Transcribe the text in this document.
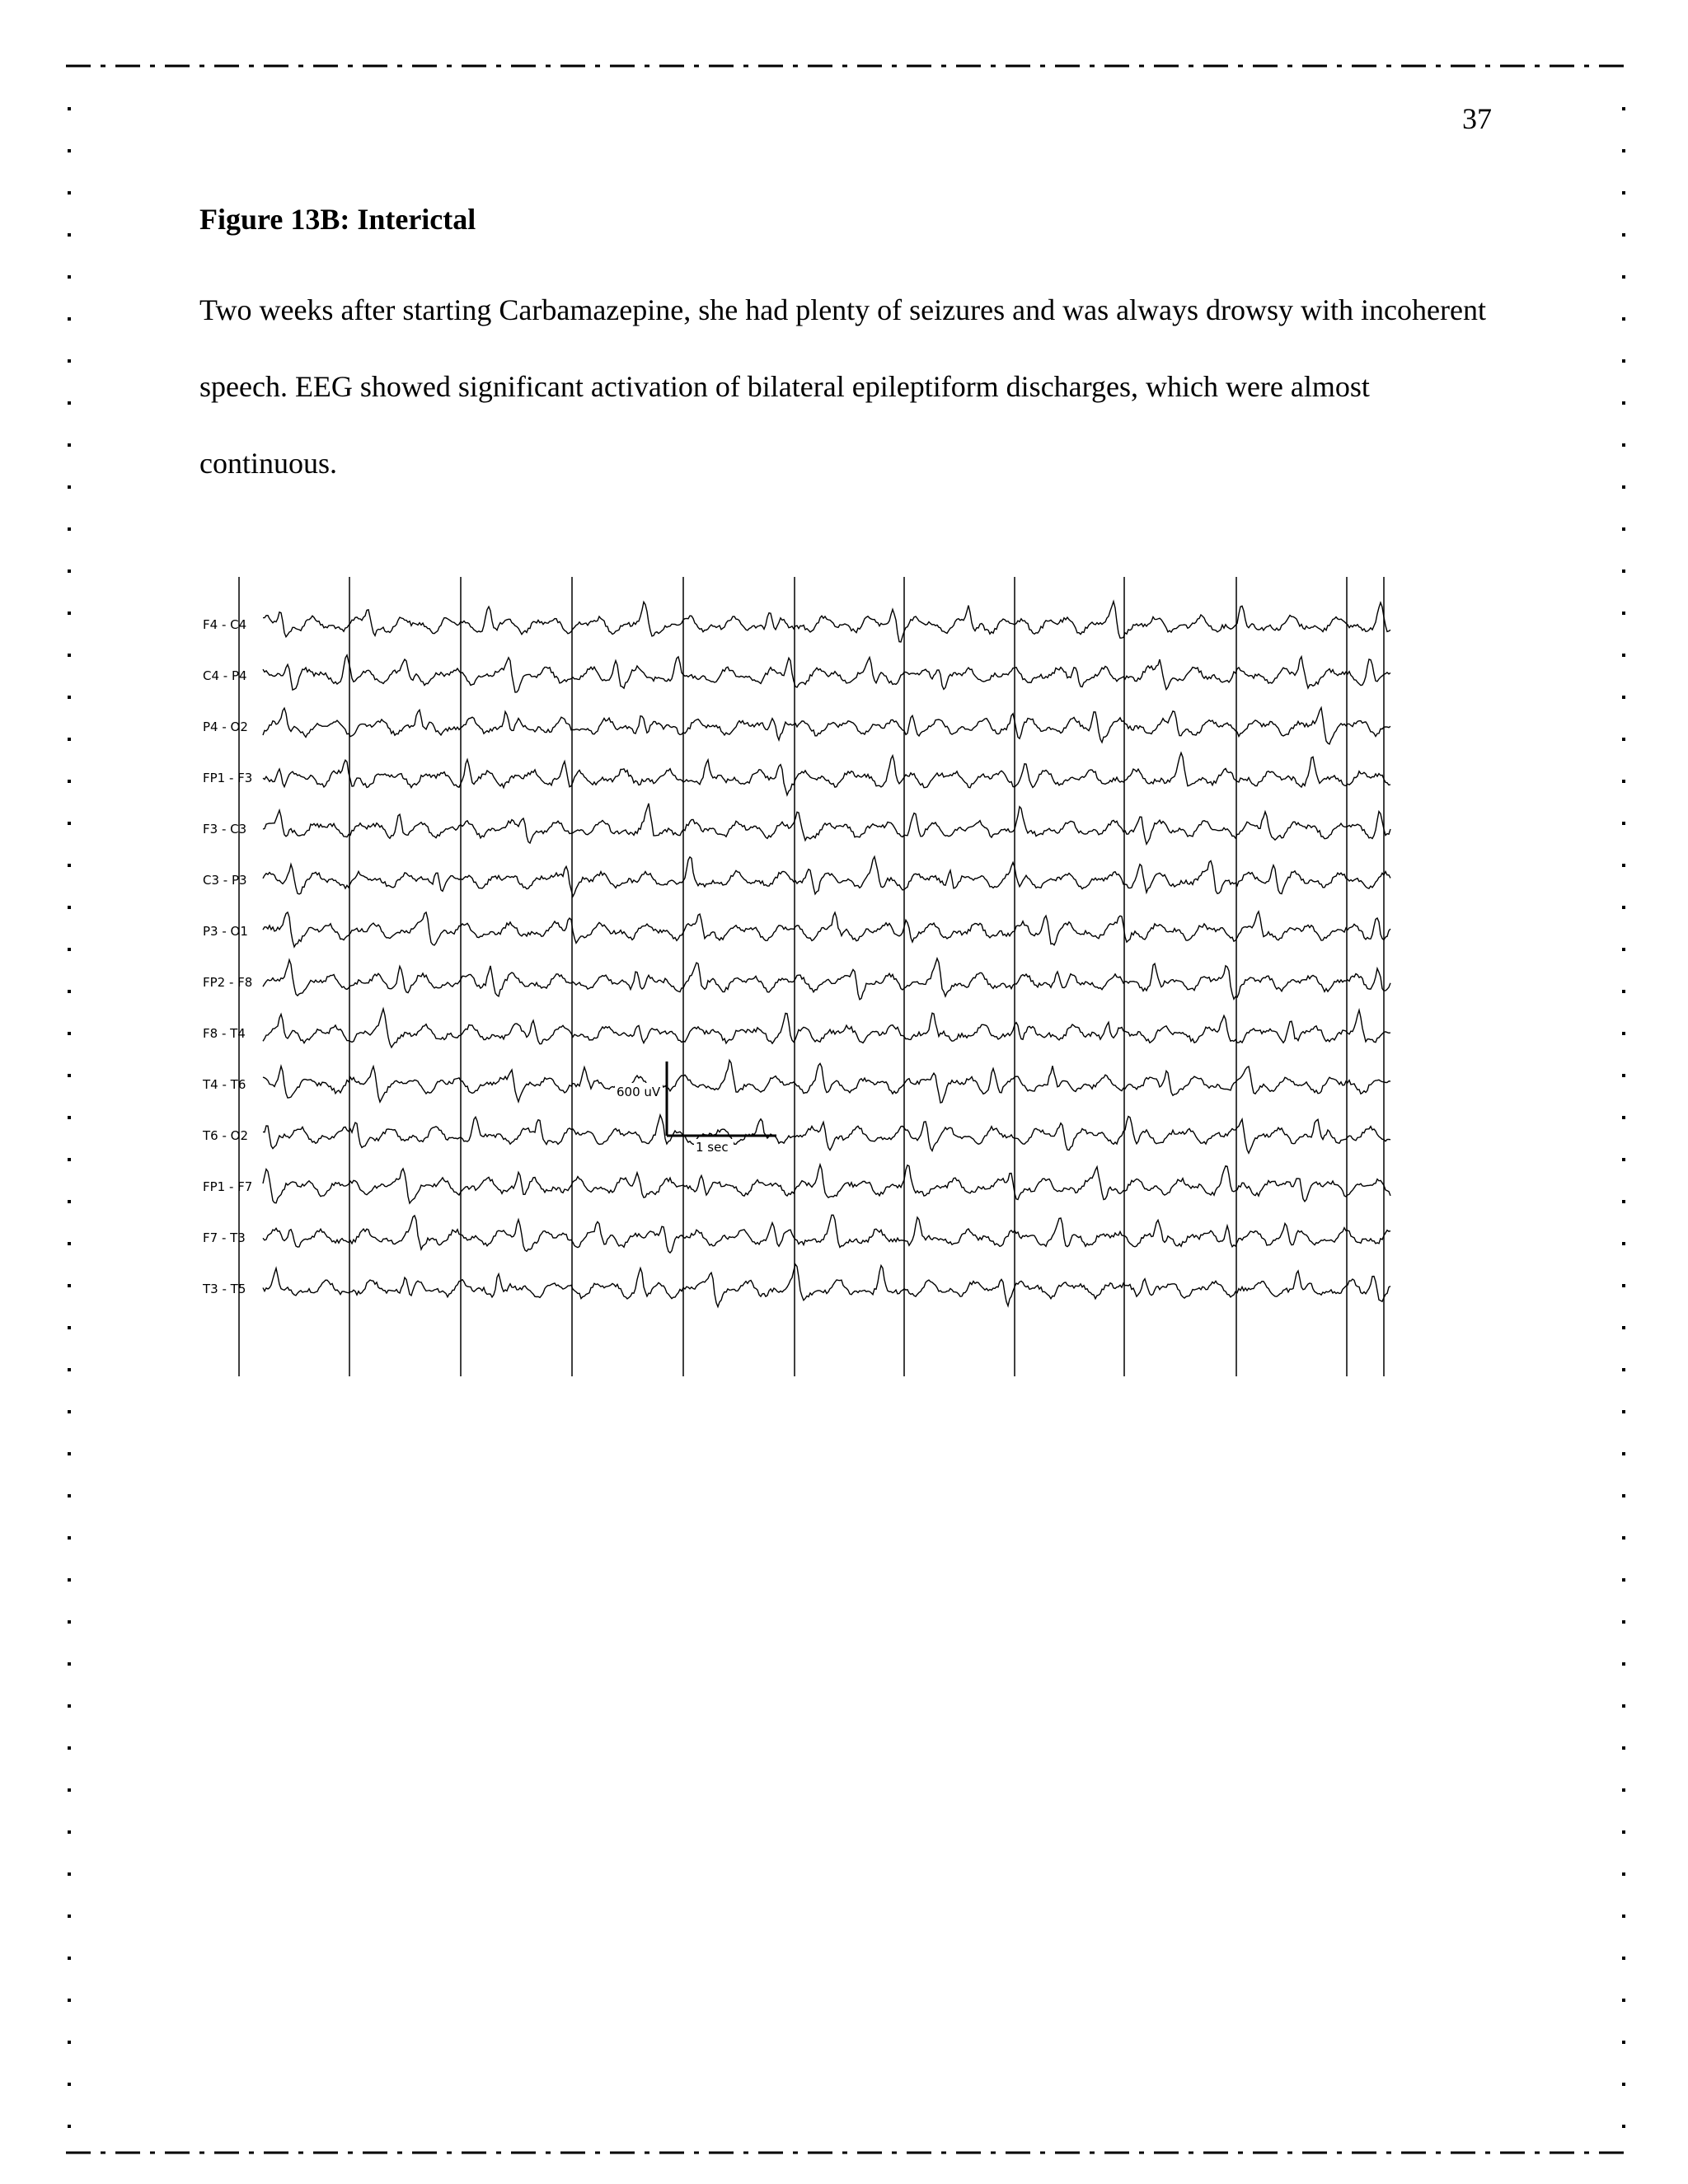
37
Figure 13B: Interictal

Two weeks after starting Carbamazepine, she had plenty of seizures and was always drowsy with incoherent speech. EEG showed significant activation of bilateral epileptiform discharges, which were almost continuous.

F4 - C4
C4 - P4
P4 - O2
FP1 - F3
F3 - C3
C3 - P3
P3 - O1
FP2 - F8
F8 - T4
T4 - T6
T6 - O2
FP1 - F7
F7 - T3
T3 - T5
600 uV
1 sec
